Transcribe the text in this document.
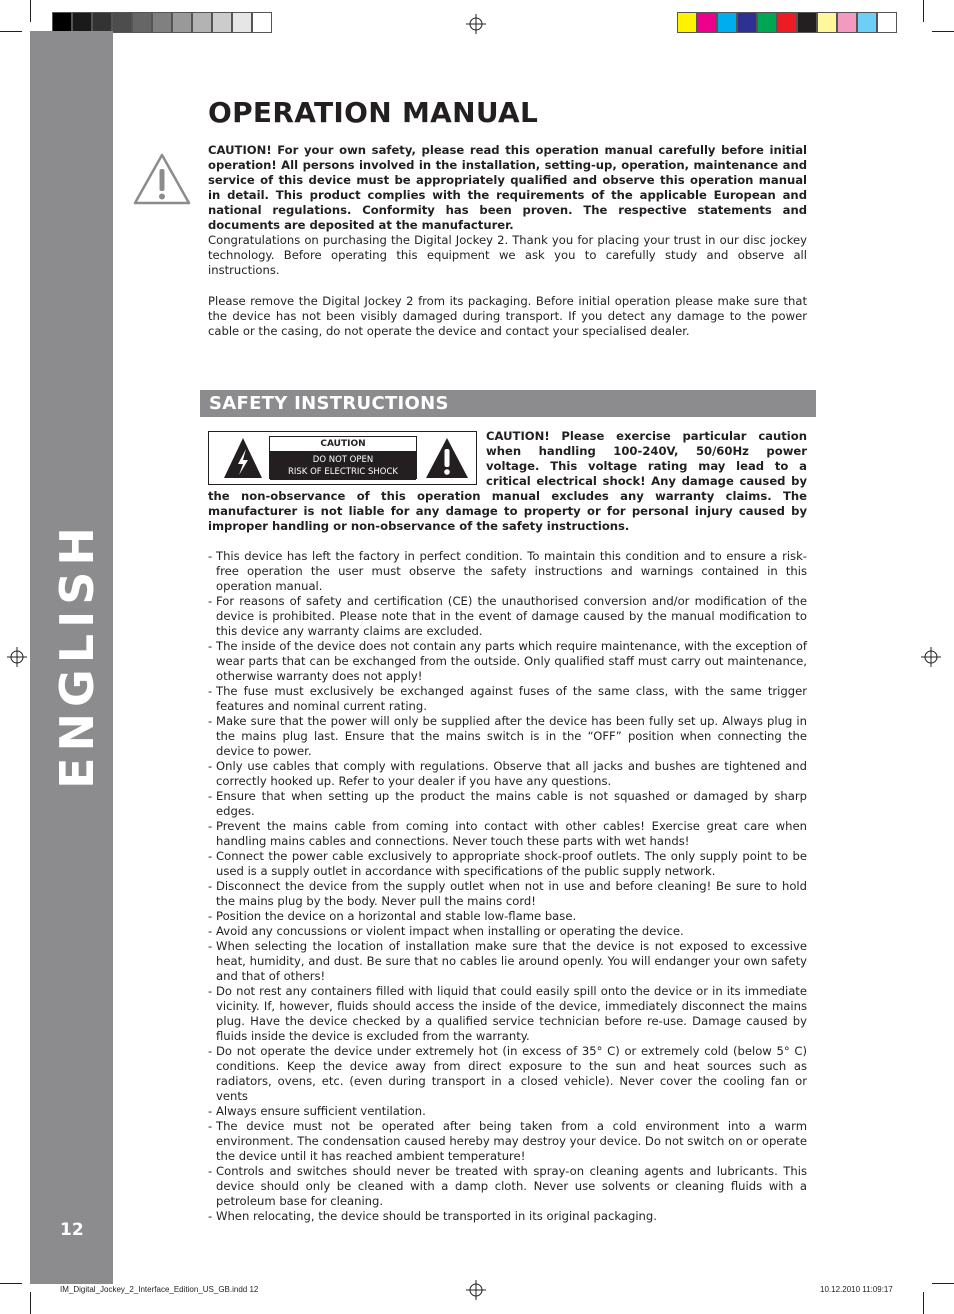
ENGLISH
12
OPERATION MANUAL
CAUTION! For your own safety, please read this operation manual carefully before initial operation! All persons involved in the installation, setting-up, operation, maintenance and service of this device must be appropriately qualified and observe this operation manual in detail. This product complies with the requirements of the applicable European and national regulations. Conformity has been proven. The respective statements and documents are deposited at the manufacturer.
Congratulations on purchasing the Digital Jockey 2. Thank you for placing your trust in our disc jockey technology. Before operating this equipment we ask you to carefully study and observe all instructions.
Please remove the Digital Jockey 2 from its packaging. Before initial operation please make sure that the device has not been visibly damaged during transport. If you detect any damage to the power cable or the casing, do not operate the device and contact your specialised dealer.
SAFETY INSTRUCTIONS
CAUTION
DO NOT OPEN
RISK OF ELECTRIC SHOCK
CAUTION! Please exercise particular caution when handling 100-240V, 50/60Hz power voltage. This voltage rating may lead to a critical electrical shock! Any damage caused by the non-observance of this operation manual excludes any warranty claims. The manufacturer is not liable for any damage to property or for personal injury caused by improper handling or non-observance of the safety instructions.
- This device has left the factory in perfect condition. To maintain this condition and to ensure a risk-free operation the user must observe the safety instructions and warnings contained in this operation manual.
- For reasons of safety and certification (CE) the unauthorised conversion and/or modification of the device is prohibited. Please note that in the event of damage caused by the manual modification to this device any warranty claims are excluded.
- The inside of the device does not contain any parts which require maintenance, with the exception of wear parts that can be exchanged from the outside. Only qualified staff must carry out maintenance, otherwise warranty does not apply!
- The fuse must exclusively be exchanged against fuses of the same class, with the same trigger features and nominal current rating.
- Make sure that the power will only be supplied after the device has been fully set up. Always plug in the mains plug last. Ensure that the mains switch is in the “OFF” position when connecting the device to power.
- Only use cables that comply with regulations. Observe that all jacks and bushes are tightened and correctly hooked up. Refer to your dealer if you have any questions.
- Ensure that when setting up the product the mains cable is not squashed or damaged by sharp edges.
- Prevent the mains cable from coming into contact with other cables! Exercise great care when handling mains cables and connections. Never touch these parts with wet hands!
- Connect the power cable exclusively to appropriate shock-proof outlets. The only supply point to be used is a supply outlet in accordance with specifications of the public supply network.
- Disconnect the device from the supply outlet when not in use and before cleaning! Be sure to hold the mains plug by the body. Never pull the mains cord!
- Position the device on a horizontal and stable low-flame base.
- Avoid any concussions or violent impact when installing or operating the device.
- When selecting the location of installation make sure that the device is not exposed to excessive heat, humidity, and dust. Be sure that no cables lie around openly. You will endanger your own safety and that of others!
- Do not rest any containers filled with liquid that could easily spill onto the device or in its immediate vicinity. If, however, fluids should access the inside of the device, immediately disconnect the mains plug. Have the device checked by a qualified service technician before re-use. Damage caused by fluids inside the device is excluded from the warranty.
- Do not operate the device under extremely hot (in excess of 35° C) or extremely cold (below 5° C) conditions. Keep the device away from direct exposure to the sun and heat sources such as radiators, ovens, etc. (even during transport in a closed vehicle). Never cover the cooling fan or vents
- Always ensure sufficient ventilation.
- The device must not be operated after being taken from a cold environment into a warm environment. The condensation caused hereby may destroy your device. Do not switch on or operate the device until it has reached ambient temperature!
- Controls and switches should never be treated with spray-on cleaning agents and lubricants. This device should only be cleaned with a damp cloth. Never use solvents or cleaning fluids with a petroleum base for cleaning.
- When relocating, the device should be transported in its original packaging.
IM_Digital_Jockey_2_Interface_Edition_US_GB.indd 12	10.12.2010 11:09:17
